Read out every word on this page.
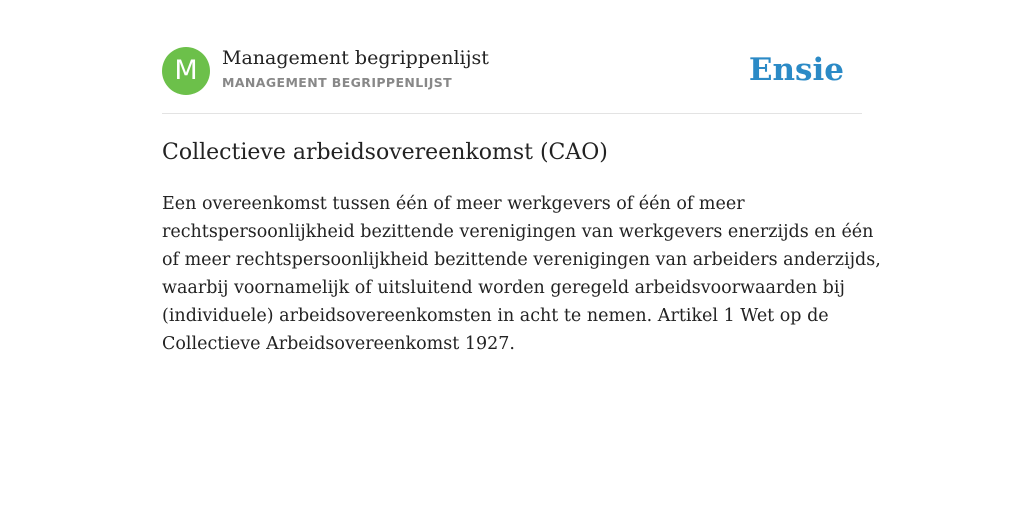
M	Management begrippenlijst
MANAGEMENT BEGRIPPENLIJST	Ensie
Collectieve arbeidsovereenkomst (CAO)

Een overeenkomst tussen één of meer werkgevers of één of meer
rechtspersoonlijkheid bezittende verenigingen van werkgevers enerzijds en één
of meer rechtspersoonlijkheid bezittende verenigingen van arbeiders anderzijds,
waarbij voornamelijk of uitsluitend worden geregeld arbeidsvoorwaarden bij
(individuele) arbeidsovereenkomsten in acht te nemen. Artikel 1 Wet op de
Collectieve Arbeidsovereenkomst 1927.
